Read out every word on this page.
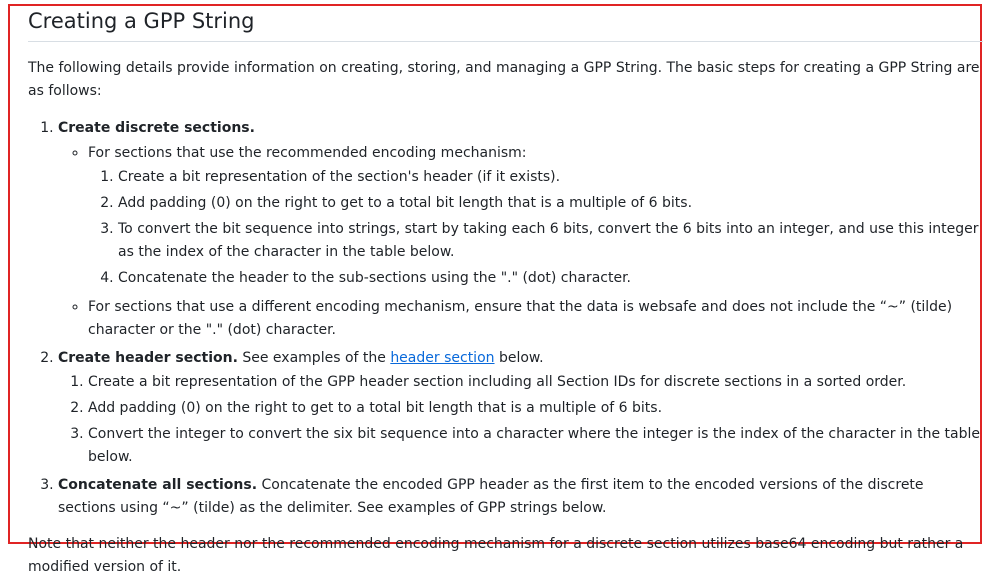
Creating a GPP String

The following details provide information on creating, storing, and managing a GPP String. The basic steps for creating a GPP String are as follows:

1. Create discrete sections.
◦ For sections that use the recommended encoding mechanism:
1. Create a bit representation of the section's header (if it exists).
2. Add padding (0) on the right to get to a total bit length that is a multiple of 6 bits.
3. To convert the bit sequence into strings, start by taking each 6 bits, convert the 6 bits into an integer, and use this integer as the index of the character in the table below.
4. Concatenate the header to the sub-sections using the "." (dot) character.
◦ For sections that use a different encoding mechanism, ensure that the data is websafe and does not include the “~” (tilde) character or the "." (dot) character.
2. Create header section. See examples of the header section below.
1. Create a bit representation of the GPP header section including all Section IDs for discrete sections in a sorted order.
2. Add padding (0) on the right to get to a total bit length that is a multiple of 6 bits.
3. Convert the integer to convert the six bit sequence into a character where the integer is the index of the character in the table below.
3. Concatenate all sections. Concatenate the encoded GPP header as the first item to the encoded versions of the discrete sections using “~” (tilde) as the delimiter. See examples of GPP strings below.

Note that neither the header nor the recommended encoding mechanism for a discrete section utilizes base64 encoding but rather a modified version of it.
